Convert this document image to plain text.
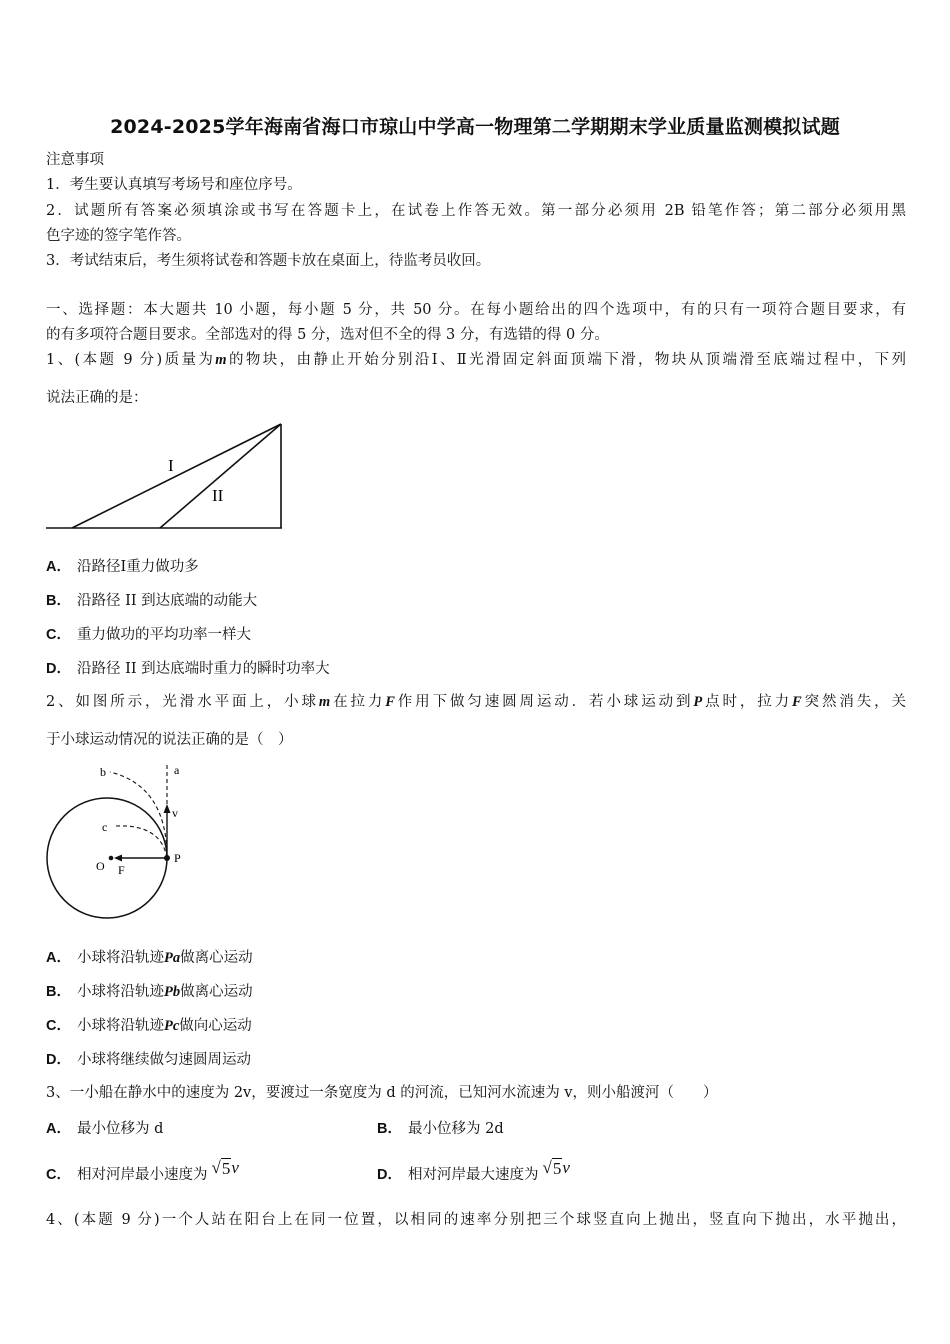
2024-2025学年海南省海口市琼山中学高一物理第二学期期末学业质量监测模拟试题
注意事项
1．考生要认真填写考场号和座位序号。
2．试题所有答案必须填涂或书写在答题卡上，在试卷上作答无效。第一部分必须用 2B 铅笔作答；第二部分必须用黑
色字迹的签字笔作答。
3．考试结束后，考生须将试卷和答题卡放在桌面上，待监考员收回。
一、选择题：本大题共 10 小题，每小题 5 分，共 50 分。在每小题给出的四个选项中，有的只有一项符合题目要求，有
的有多项符合题目要求。全部选对的得 5 分，选对但不全的得 3 分，有选错的得 0 分。
1、(本题 9 分)质量为m的物块，由静止开始分别沿Ⅰ、Ⅱ光滑固定斜面顶端下滑，物块从顶端滑至底端过程中，下列
说法正确的是：
I
II
A． 沿路径Ⅰ重力做功多
B． 沿路径 II 到达底端的动能大
C． 重力做功的平均功率一样大
D． 沿路径 II 到达底端时重力的瞬时功率大
2、如图所示，光滑水平面上，小球m在拉力F作用下做匀速圆周运动．若小球运动到P点时，拉力F突然消失，关
于小球运动情况的说法正确的是（　）
a
b
c
v
O F
P
A． 小球将沿轨迹Pa做离心运动
B． 小球将沿轨迹Pb做离心运动
C． 小球将沿轨迹Pc做向心运动
D． 小球将继续做匀速圆周运动
3、一小船在静水中的速度为 2v，要渡过一条宽度为 d 的河流，已知河水流速为 v，则小船渡河（　　）
A． 最小位移为 d	B． 最小位移为 2d
C． 相对河岸最小速度为 √ 5 v	D． 相对河岸最大速度为 √ 5 v
4、(本题 9 分)一个人站在阳台上在同一位置，以相同的速率分别把三个球竖直向上抛出，竖直向下抛出，水平抛出，
